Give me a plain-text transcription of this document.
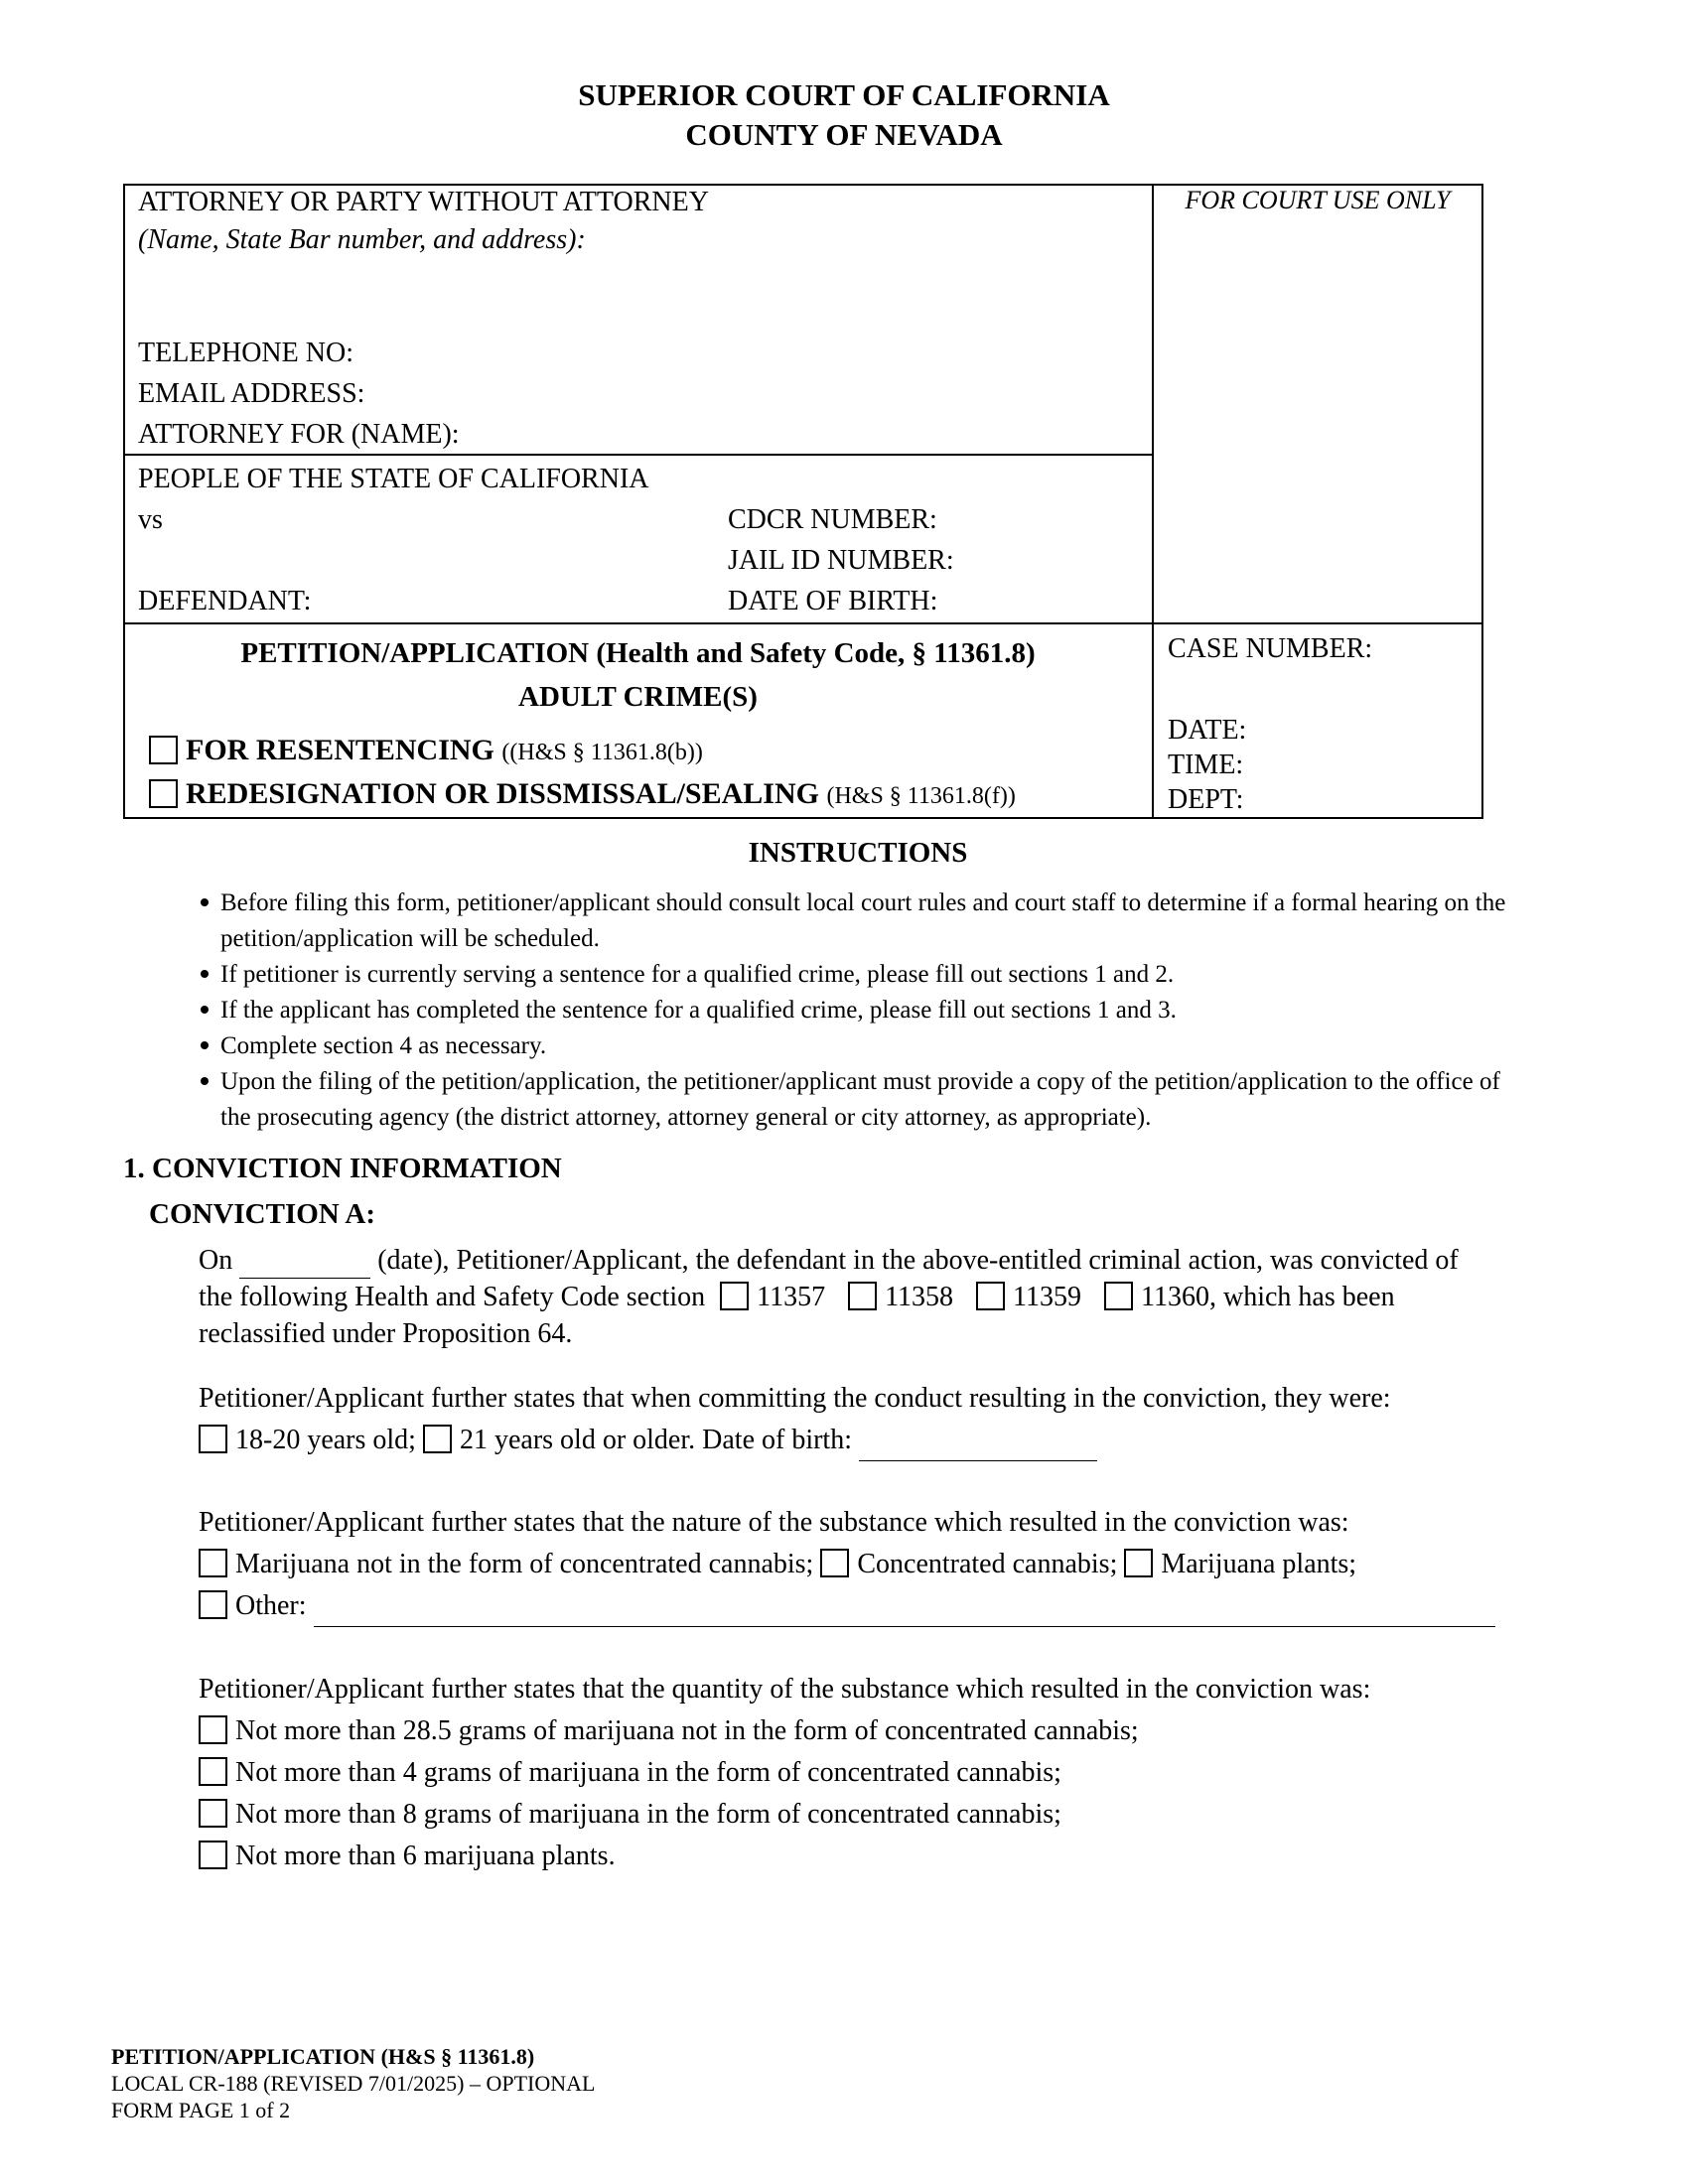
SUPERIOR COURT OF CALIFORNIA
COUNTY OF NEVADA
ATTORNEY OR PARTY WITHOUT ATTORNEY
(Name, State Bar number, and address):
TELEPHONE NO:
EMAIL ADDRESS:
ATTORNEY FOR (NAME):
FOR COURT USE ONLY
PEOPLE OF THE STATE OF CALIFORNIA
vs	CDCR NUMBER:
JAIL ID NUMBER:
DEFENDANT:	DATE OF BIRTH:
PETITION/APPLICATION (Health and Safety Code, § 11361.8)
ADULT CRIME(S)
FOR RESENTENCING ((H&S § 11361.8(b))
REDESIGNATION OR DISSMISSAL/SEALING (H&S § 11361.8(f))
CASE NUMBER:
DATE:
TIME:
DEPT:
INSTRUCTIONS
Before filing this form, petitioner/applicant should consult local court rules and court staff to determine if a formal hearing on the petition/application will be scheduled.
If petitioner is currently serving a sentence for a qualified crime, please fill out sections 1 and 2.
If the applicant has completed the sentence for a qualified crime, please fill out sections 1 and 3.
Complete section 4 as necessary.
Upon the filing of the petition/application, the petitioner/applicant must provide a copy of the petition/application to the office of the prosecuting agency (the district attorney, attorney general or city attorney, as appropriate).
1. CONVICTION INFORMATION
CONVICTION A:
On	(date), Petitioner/Applicant, the defendant in the above-entitled criminal action, was convicted of
the following Health and Safety Code section 11357 11358 11359 11360, which has been
reclassified under Proposition 64.
Petitioner/Applicant further states that when committing the conduct resulting in the conviction, they were:
18-20 years old; 21 years old or older. Date of birth:
Petitioner/Applicant further states that the nature of the substance which resulted in the conviction was:
Marijuana not in the form of concentrated cannabis; Concentrated cannabis; Marijuana plants;
Other:
Petitioner/Applicant further states that the quantity of the substance which resulted in the conviction was:
Not more than 28.5 grams of marijuana not in the form of concentrated cannabis;
Not more than 4 grams of marijuana in the form of concentrated cannabis;
Not more than 8 grams of marijuana in the form of concentrated cannabis;
Not more than 6 marijuana plants.
PETITION/APPLICATION (H&S § 11361.8)
LOCAL CR-188 (REVISED 7/01/2025) – OPTIONAL
FORM PAGE 1 of 2
